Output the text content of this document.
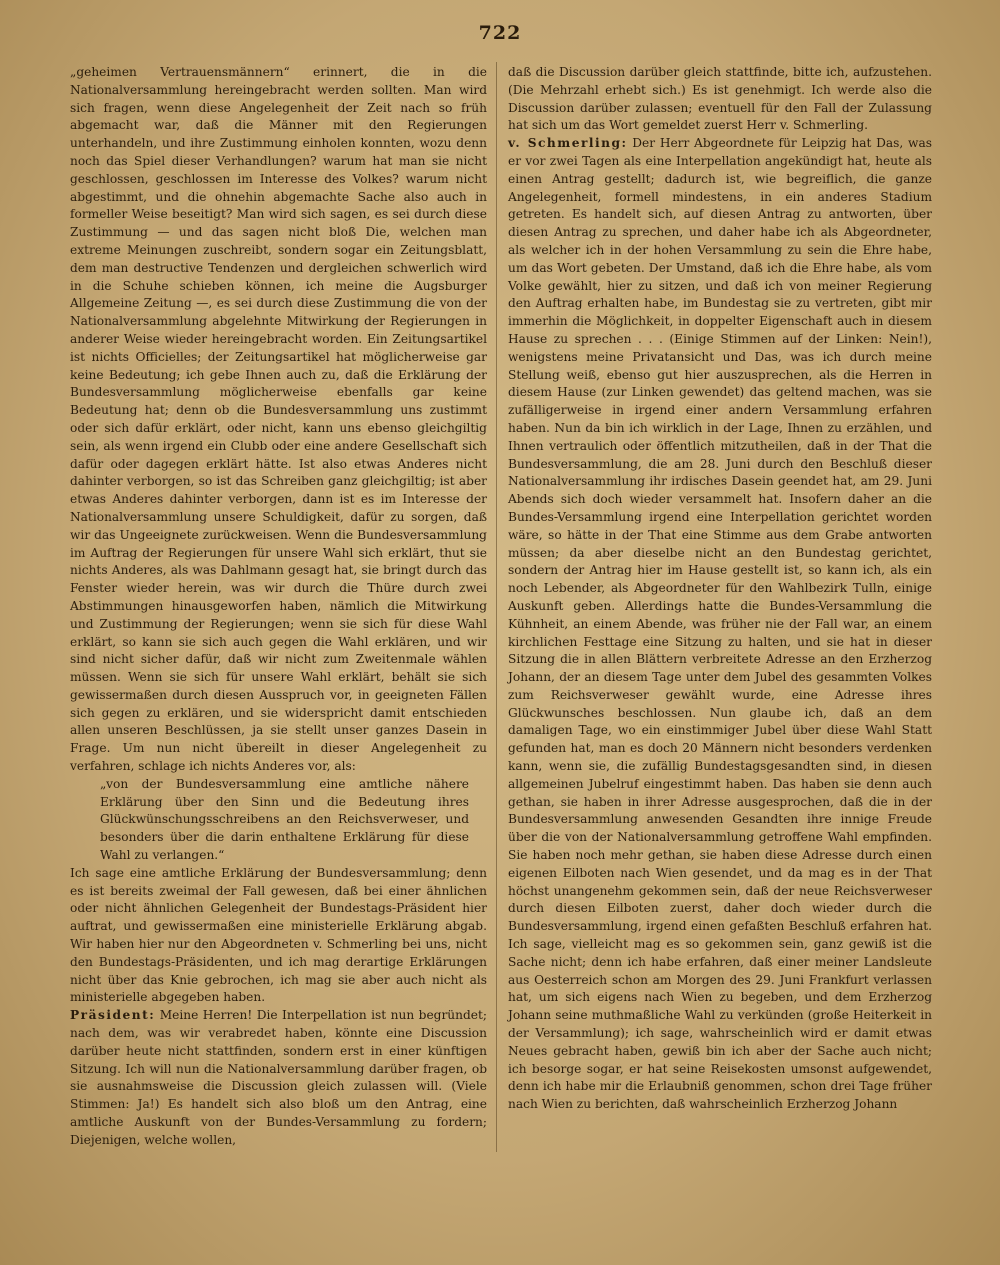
722

„geheimen Vertrauensmännern“ erinnert, die in die Nationalversammlung hereingebracht werden sollten. Man wird sich fragen, wenn diese Angelegenheit der Zeit nach so früh abgemacht war, daß die Männer mit den Regierungen unterhandeln, und ihre Zustimmung einholen konnten, wozu denn noch das Spiel dieser Verhandlungen? warum hat man sie nicht geschlossen, geschlossen im Interesse des Volkes? warum nicht abgestimmt, und die ohnehin abgemachte Sache also auch in formeller Weise beseitigt? Man wird sich sagen, es sei durch diese Zustimmung — und das sagen nicht bloß Die, welchen man extreme Meinungen zuschreibt, sondern sogar ein Zeitungsblatt, dem man destructive Tendenzen und dergleichen schwerlich wird in die Schuhe schieben können, ich meine die Augsburger Allgemeine Zeitung —, es sei durch diese Zustimmung die von der Nationalversammlung abgelehnte Mitwirkung der Regierungen in anderer Weise wieder hereingebracht worden. Ein Zeitungsartikel ist nichts Officielles; der Zeitungsartikel hat möglicherweise gar keine Bedeutung; ich gebe Ihnen auch zu, daß die Erklärung der Bundesversammlung möglicherweise ebenfalls gar keine Bedeutung hat; denn ob die Bundesversammlung uns zustimmt oder sich dafür erklärt, oder nicht, kann uns ebenso gleichgiltig sein, als wenn irgend ein Clubb oder eine andere Gesellschaft sich dafür oder dagegen erklärt hätte. Ist also etwas Anderes nicht dahinter verborgen, so ist das Schreiben ganz gleichgiltig; ist aber etwas Anderes dahinter verborgen, dann ist es im Interesse der Nationalversammlung unsere Schuldigkeit, dafür zu sorgen, daß wir das Ungeeignete zurückweisen. Wenn die Bundesversammlung im Auftrag der Regierungen für unsere Wahl sich erklärt, thut sie nichts Anderes, als was Dahlmann gesagt hat, sie bringt durch das Fenster wieder herein, was wir durch die Thüre durch zwei Abstimmungen hinausgeworfen haben, nämlich die Mitwirkung und Zustimmung der Regierungen; wenn sie sich für diese Wahl erklärt, so kann sie sich auch gegen die Wahl erklären, und wir sind nicht sicher dafür, daß wir nicht zum Zweitenmale wählen müssen. Wenn sie sich für unsere Wahl erklärt, behält sie sich gewissermaßen durch diesen Ausspruch vor, in geeigneten Fällen sich gegen zu erklären, und sie widerspricht damit entschieden allen unseren Beschlüssen, ja sie stellt unser ganzes Dasein in Frage. Um nun nicht übereilt in dieser Angelegenheit zu verfahren, schlage ich nichts Anderes vor, als:

„von der Bundesversammlung eine amtliche nähere Erklärung über den Sinn und die Bedeutung ihres Glückwünschungsschreibens an den Reichsverweser, und besonders über die darin enthaltene Erklärung für diese Wahl zu verlangen.“

Ich sage eine amtliche Erklärung der Bundesversammlung; denn es ist bereits zweimal der Fall gewesen, daß bei einer ähnlichen oder nicht ähnlichen Gelegenheit der Bundestags-Präsident hier auftrat, und gewissermaßen eine ministerielle Erklärung abgab. Wir haben hier nur den Abgeordneten v. Schmerling bei uns, nicht den Bundestags-Präsidenten, und ich mag derartige Erklärungen nicht über das Knie gebrochen, ich mag sie aber auch nicht als ministerielle abgegeben haben.

Präsident: Meine Herren! Die Interpellation ist nun begründet; nach dem, was wir verabredet haben, könnte eine Discussion darüber heute nicht stattfinden, sondern erst in einer künftigen Sitzung. Ich will nun die Nationalversammlung darüber fragen, ob sie ausnahmsweise die Discussion gleich zulassen will. (Viele Stimmen: Ja!) Es handelt sich also bloß um den Antrag, eine amtliche Auskunft von der Bundes-Versammlung zu fordern; Diejenigen, welche wollen,

daß die Discussion darüber gleich stattfinde, bitte ich, aufzustehen. (Die Mehrzahl erhebt sich.) Es ist genehmigt. Ich werde also die Discussion darüber zulassen; eventuell für den Fall der Zulassung hat sich um das Wort gemeldet zuerst Herr v. Schmerling.

v. Schmerling: Der Herr Abgeordnete für Leipzig hat Das, was er vor zwei Tagen als eine Interpellation angekündigt hat, heute als einen Antrag gestellt; dadurch ist, wie begreiflich, die ganze Angelegenheit, formell mindestens, in ein anderes Stadium getreten. Es handelt sich, auf diesen Antrag zu antworten, über diesen Antrag zu sprechen, und daher habe ich als Abgeordneter, als welcher ich in der hohen Versammlung zu sein die Ehre habe, um das Wort gebeten. Der Umstand, daß ich die Ehre habe, als vom Volke gewählt, hier zu sitzen, und daß ich von meiner Regierung den Auftrag erhalten habe, im Bundestag sie zu vertreten, gibt mir immerhin die Möglichkeit, in doppelter Eigenschaft auch in diesem Hause zu sprechen . . . (Einige Stimmen auf der Linken: Nein!), wenigstens meine Privatansicht und Das, was ich durch meine Stellung weiß, ebenso gut hier auszusprechen, als die Herren in diesem Hause (zur Linken gewendet) das geltend machen, was sie zufälligerweise in irgend einer andern Versammlung erfahren haben. Nun da bin ich wirklich in der Lage, Ihnen zu erzählen, und Ihnen vertraulich oder öffentlich mitzutheilen, daß in der That die Bundesversammlung, die am 28. Juni durch den Beschluß dieser Nationalversammlung ihr irdisches Dasein geendet hat, am 29. Juni Abends sich doch wieder versammelt hat. Insofern daher an die Bundes-Versammlung irgend eine Interpellation gerichtet worden wäre, so hätte in der That eine Stimme aus dem Grabe antworten müssen; da aber dieselbe nicht an den Bundestag gerichtet, sondern der Antrag hier im Hause gestellt ist, so kann ich, als ein noch Lebender, als Abgeordneter für den Wahlbezirk Tulln, einige Auskunft geben. Allerdings hatte die Bundes-Versammlung die Kühnheit, an einem Abende, was früher nie der Fall war, an einem kirchlichen Festtage eine Sitzung zu halten, und sie hat in dieser Sitzung die in allen Blättern verbreitete Adresse an den Erzherzog Johann, der an diesem Tage unter dem Jubel des gesammten Volkes zum Reichsverweser gewählt wurde, eine Adresse ihres Glückwunsches beschlossen. Nun glaube ich, daß an dem damaligen Tage, wo ein einstimmiger Jubel über diese Wahl Statt gefunden hat, man es doch 20 Männern nicht besonders verdenken kann, wenn sie, die zufällig Bundestagsgesandten sind, in diesen allgemeinen Jubelruf eingestimmt haben. Das haben sie denn auch gethan, sie haben in ihrer Adresse ausgesprochen, daß die in der Bundesversammlung anwesenden Gesandten ihre innige Freude über die von der Nationalversammlung getroffene Wahl empfinden. Sie haben noch mehr gethan, sie haben diese Adresse durch einen eigenen Eilboten nach Wien gesendet, und da mag es in der That höchst unangenehm gekommen sein, daß der neue Reichsverweser durch diesen Eilboten zuerst, daher doch wieder durch die Bundesversammlung, irgend einen gefaßten Beschluß erfahren hat. Ich sage, vielleicht mag es so gekommen sein, ganz gewiß ist die Sache nicht; denn ich habe erfahren, daß einer meiner Landsleute aus Oesterreich schon am Morgen des 29. Juni Frankfurt verlassen hat, um sich eigens nach Wien zu begeben, und dem Erzherzog Johann seine muthmaßliche Wahl zu verkünden (große Heiterkeit in der Versammlung); ich sage, wahrscheinlich wird er damit etwas Neues gebracht haben, gewiß bin ich aber der Sache auch nicht; ich besorge sogar, er hat seine Reisekosten umsonst aufgewendet, denn ich habe mir die Erlaubniß genommen, schon drei Tage früher nach Wien zu berichten, daß wahrscheinlich Erzherzog Johann
